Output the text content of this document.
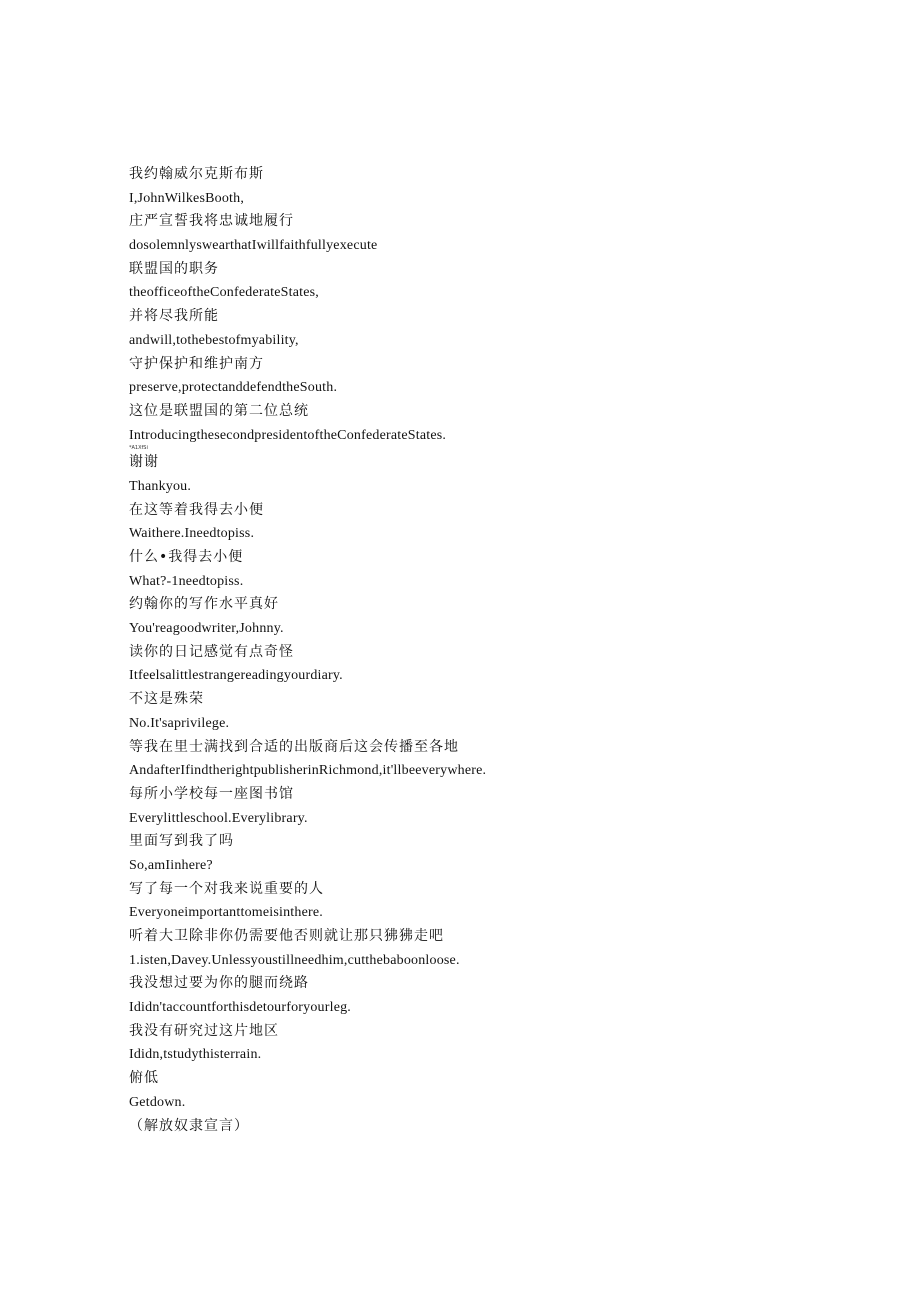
我约翰威尔克斯布斯
I,JohnWilkesBooth,
庄严宣誓我将忠诚地履行
dosolemnlyswearthatIwillfaithfullyexecute
联盟国的职务
theofficeoftheConfederateStates,
并将尽我所能
andwill,tothebestofmyability,
守护保护和维护南方
preserve,protectanddefendtheSouth.
这位是联盟国的第二位总统
IntroducingthesecondpresidentoftheConfederateStates.
*A1XfSi
谢谢
Thankyou.
在这等着我得去小便
Waithere.Ineedtopiss.
什么•我得去小便
What?-1needtopiss.
约翰你的写作水平真好
You'reagoodwriter,Johnny.
读你的日记感觉有点奇怪
Itfeelsalittlestrangereadingyourdiary.
不这是殊荣
No.It'saprivilege.
等我在里士满找到合适的出版商后这会传播至各地
AndafterIfindtherightpublisherinRichmond,it'llbeeverywhere.
每所小学校每一座图书馆
Everylittleschool.Everylibrary.
里面写到我了吗
So,amIinhere?
写了每一个对我来说重要的人
Everyoneimportanttomeisinthere.
听着大卫除非你仍需要他否则就让那只狒狒走吧
1.isten,Davey.Unlessyoustillneedhim,cutthebaboonloose.
我没想过要为你的腿而绕路
Ididn'taccountforthisdetourforyourleg.
我没有研究过这片地区
Ididn,tstudythisterrain.
俯低
Getdown.
（解放奴隶宣言）
